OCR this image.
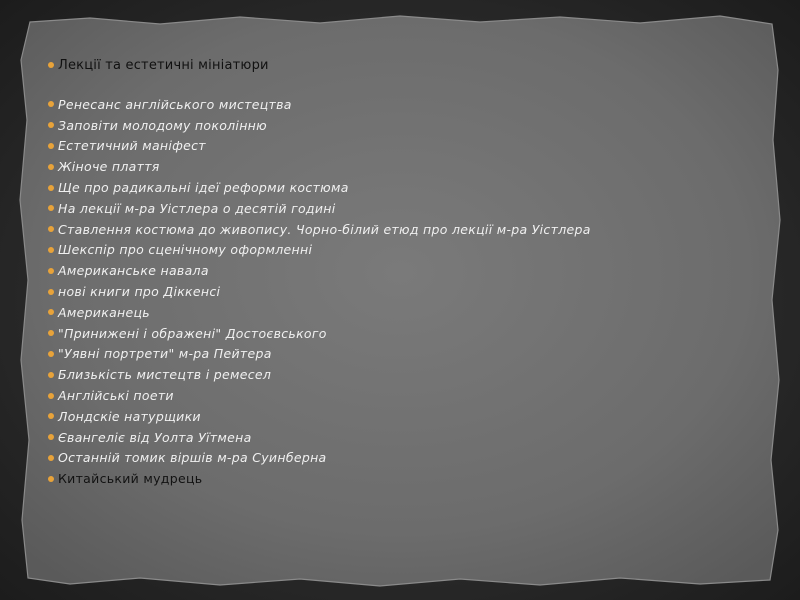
Лекції та естетичні мініатюри
Ренесанс англійського мистецтва
Заповіти молодому поколінню
Естетичний маніфест
Жіноче плаття
Ще про радикальні ідеї реформи костюма
На лекції м-ра Уістлера о десятій годині
Ставлення костюма до живопису. Чорно-білий етюд про лекції м-ра Уістлера
Шекспір про сценічному оформленні
Американське навала
нові книги про Діккенсі
Американець
"Принижені і ображені" Достоєвського
"Уявні портрети" м-ра Пейтера
Близькість мистецтв і ремесел
Англійські поети
Лондскіе натурщики
Євангеліє від Уолта Уїтмена
Останній томик віршів м-ра Суинберна
Китайський мудрець
